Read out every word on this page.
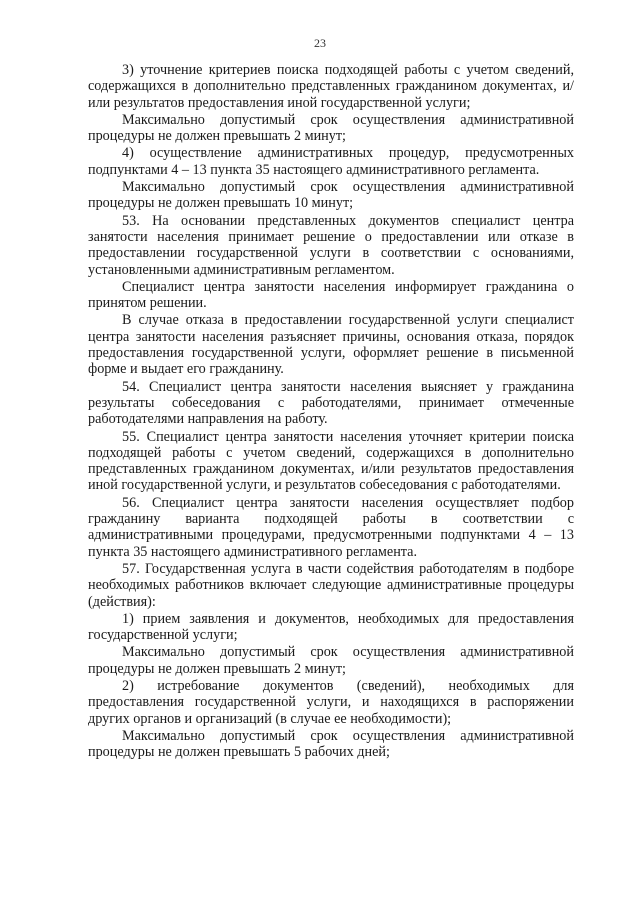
23

3) уточнение критериев поиска подходящей работы с учетом сведений, содержащихся в дополнительно представленных гражданином документах, и/или результатов предоставления иной государственной услуги;

Максимально допустимый срок осуществления административной процедуры не должен превышать 2 минут;

4) осуществление административных процедур, предусмотренных подпунктами 4 – 13 пункта 35 настоящего административного регламента.

Максимально допустимый срок осуществления административной процедуры не должен превышать 10 минут;

53. На основании представленных документов специалист центра занятости населения принимает решение о предоставлении или отказе в предоставлении государственной услуги в соответствии с основаниями, установленными административным регламентом.

Специалист центра занятости населения информирует гражданина о принятом решении.

В случае отказа в предоставлении государственной услуги специалист центра занятости населения разъясняет причины, основания отказа, порядок предоставления государственной услуги, оформляет решение в письменной форме и выдает его гражданину.

54. Специалист центра занятости населения выясняет у гражданина результаты собеседования с работодателями, принимает отмеченные работодателями направления на работу.

55. Специалист центра занятости населения уточняет критерии поиска подходящей работы с учетом сведений, содержащихся в дополнительно представленных гражданином документах, и/или результатов предоставления иной государственной услуги, и результатов собеседования с работодателями.

56. Специалист центра занятости населения осуществляет подбор гражданину варианта подходящей работы в соответствии с административными процедурами, предусмотренными подпунктами 4 – 13 пункта 35 настоящего административного регламента.

57. Государственная услуга в части содействия работодателям в подборе необходимых работников включает следующие административные процедуры (действия):

1) прием заявления и документов, необходимых для предоставления государственной услуги;

Максимально допустимый срок осуществления административной процедуры не должен превышать 2 минут;

2) истребование документов (сведений), необходимых для предоставления государственной услуги, и находящихся в распоряжении других органов и организаций (в случае ее необходимости);

Максимально допустимый срок осуществления административной процедуры не должен превышать 5 рабочих дней;
